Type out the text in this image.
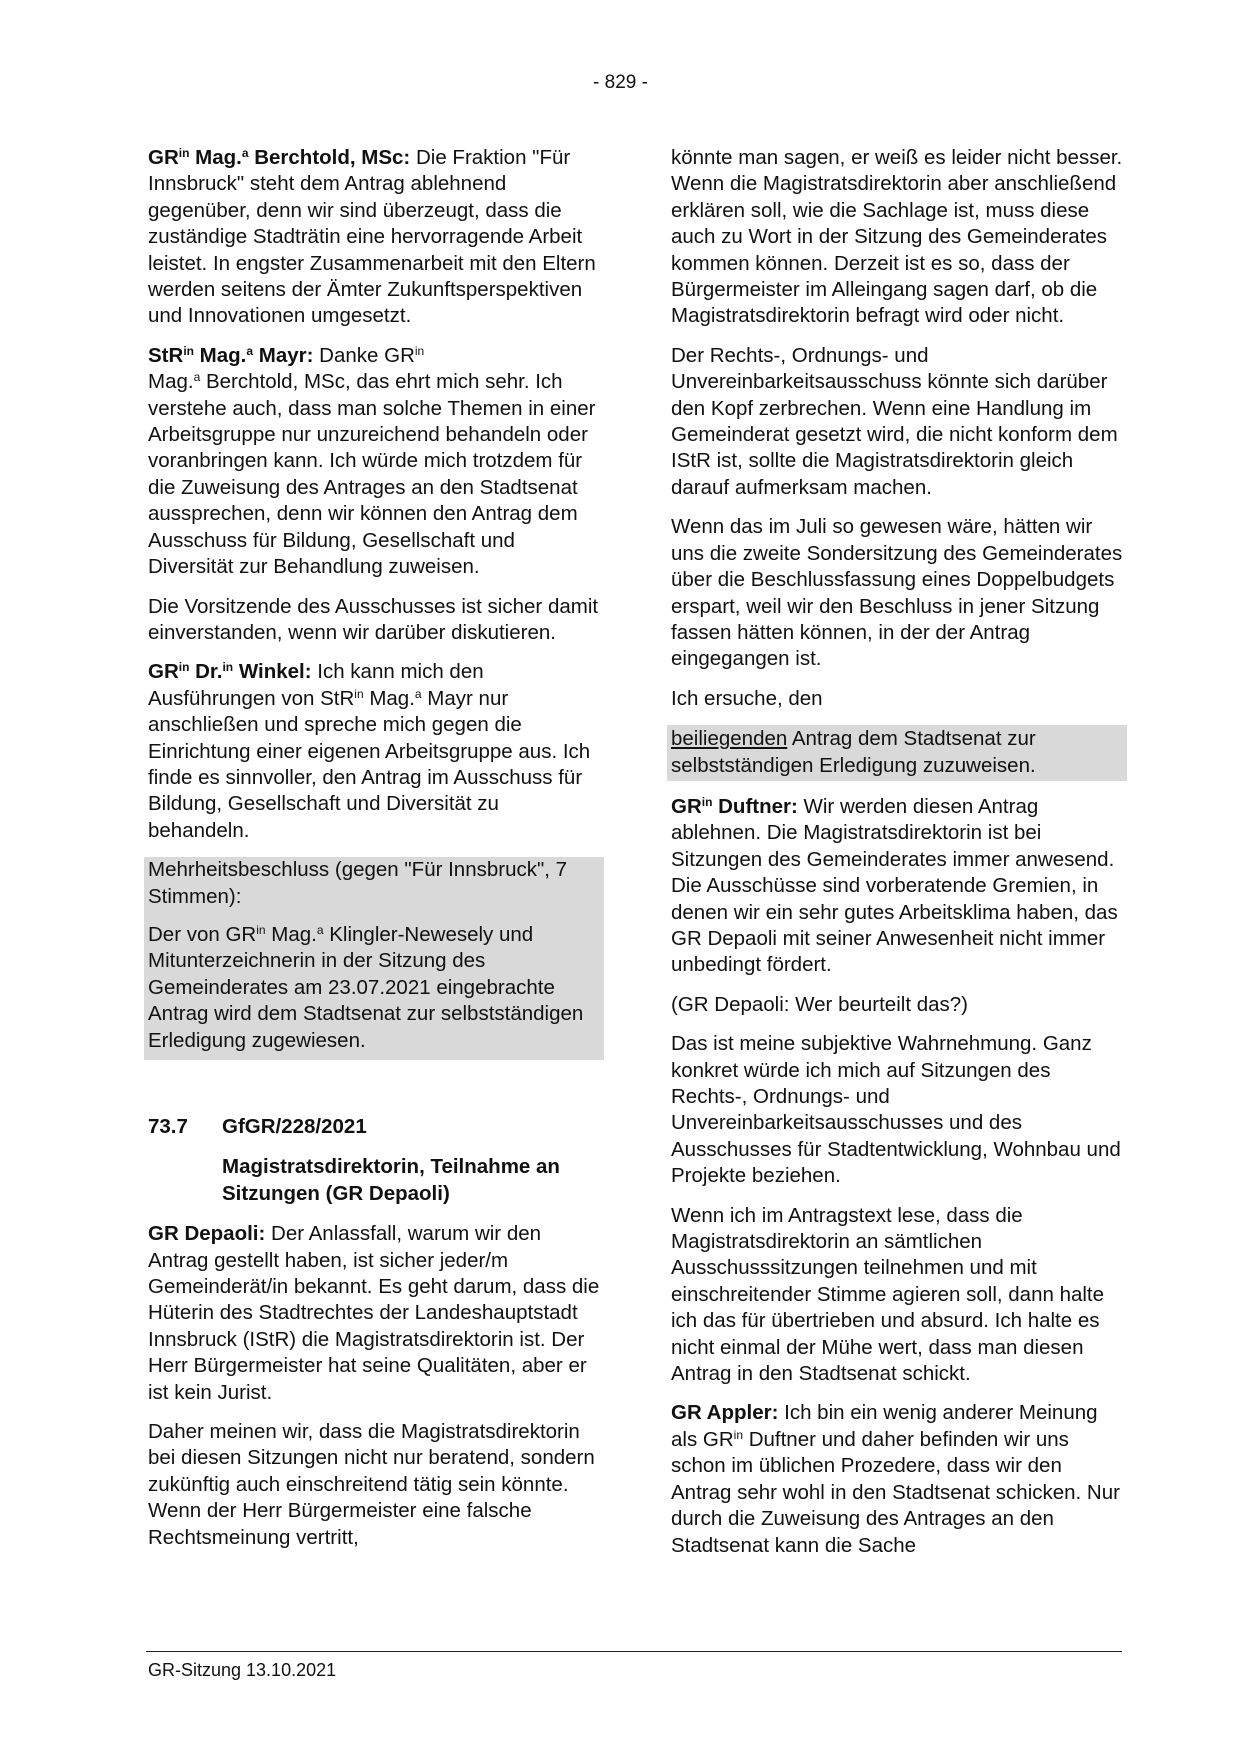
- 829 -

$GR^{in}$ Mag.$^a$ Berchtold, MSc: Die Fraktion "Für Innsbruck" steht dem Antrag ablehnend gegenüber, denn wir sind überzeugt, dass die zuständige Stadträtin eine hervorragende Arbeit leistet. In engster Zusammenarbeit mit den Eltern werden seitens der Ämter Zukunftsperspektiven und Innovationen umgesetzt.

StR$^{in}$ Mag.$^a$ Mayr: Danke $GR^{in}$
Mag.$^a$ Berchtold, MSc, das ehrt mich sehr. Ich verstehe auch, dass man solche Themen in einer Arbeitsgruppe nur unzureichend behandeln oder voranbringen kann. Ich würde mich trotzdem für die Zuweisung des Antrages an den Stadtsenat aussprechen, denn wir können den Antrag dem Ausschuss für Bildung, Gesellschaft und Diversität zur Behandlung zuweisen.

Die Vorsitzende des Ausschusses ist sicher damit einverstanden, wenn wir darüber diskutieren.

$GR^{in}$ Dr.$^{in}$ Winkel: Ich kann mich den Ausführungen von StR$^{in}$ Mag.$^a$ Mayr nur anschließen und spreche mich gegen die Einrichtung einer eigenen Arbeitsgruppe aus. Ich finde es sinnvoller, den Antrag im Ausschuss für Bildung, Gesellschaft und Diversität zu behandeln.

Mehrheitsbeschluss (gegen "Für Innsbruck", 7 Stimmen):

Der von $GR^{in}$ Mag.$^a$ Klingler-Newesely und Mitunterzeichnerin in der Sitzung des Gemeinderates am 23.07.2021 eingebrachte Antrag wird dem Stadtsenat zur selbstständigen Erledigung zugewiesen.

73.7	GfGR/228/2021
Magistratsdirektorin, Teilnahme an Sitzungen (GR Depaoli)

GR Depaoli: Der Anlassfall, warum wir den Antrag gestellt haben, ist sicher jeder/m Gemeinderät/in bekannt. Es geht darum, dass die Hüterin des Stadtrechtes der Landeshauptstadt Innsbruck (IStR) die Magistratsdirektorin ist. Der Herr Bürgermeister hat seine Qualitäten, aber er ist kein Jurist.

Daher meinen wir, dass die Magistratsdirektorin bei diesen Sitzungen nicht nur beratend, sondern zukünftig auch einschreitend tätig sein könnte. Wenn der Herr Bürgermeister eine falsche Rechtsmeinung vertritt,

könnte man sagen, er weiß es leider nicht besser. Wenn die Magistratsdirektorin aber anschließend erklären soll, wie die Sachlage ist, muss diese auch zu Wort in der Sitzung des Gemeinderates kommen können. Derzeit ist es so, dass der Bürgermeister im Alleingang sagen darf, ob die Magistratsdirektorin befragt wird oder nicht.

Der Rechts-, Ordnungs- und Unvereinbarkeitsausschuss könnte sich darüber den Kopf zerbrechen. Wenn eine Handlung im Gemeinderat gesetzt wird, die nicht konform dem IStR ist, sollte die Magistratsdirektorin gleich darauf aufmerksam machen.

Wenn das im Juli so gewesen wäre, hätten wir uns die zweite Sondersitzung des Gemeinderates über die Beschlussfassung eines Doppelbudgets erspart, weil wir den Beschluss in jener Sitzung fassen hätten können, in der der Antrag eingegangen ist.

Ich ersuche, den

beiliegenden Antrag dem Stadtsenat zur selbstständigen Erledigung zuzuweisen.

$GR^{in}$ Duftner: Wir werden diesen Antrag ablehnen. Die Magistratsdirektorin ist bei Sitzungen des Gemeinderates immer anwesend. Die Ausschüsse sind vorberatende Gremien, in denen wir ein sehr gutes Arbeitsklima haben, das GR Depaoli mit seiner Anwesenheit nicht immer unbedingt fördert.

(GR Depaoli: Wer beurteilt das?)

Das ist meine subjektive Wahrnehmung. Ganz konkret würde ich mich auf Sitzungen des Rechts-, Ordnungs- und Unvereinbarkeitsausschusses und des Ausschusses für Stadtentwicklung, Wohnbau und Projekte beziehen.

Wenn ich im Antragstext lese, dass die Magistratsdirektorin an sämtlichen Ausschusssitzungen teilnehmen und mit einschreitender Stimme agieren soll, dann halte ich das für übertrieben und absurd. Ich halte es nicht einmal der Mühe wert, dass man diesen Antrag in den Stadtsenat schickt.

GR Appler: Ich bin ein wenig anderer Meinung als $GR^{in}$ Duftner und daher befinden wir uns schon im üblichen Prozedere, dass wir den Antrag sehr wohl in den Stadtsenat schicken. Nur durch die Zuweisung des Antrages an den Stadtsenat kann die Sache

GR-Sitzung 13.10.2021
